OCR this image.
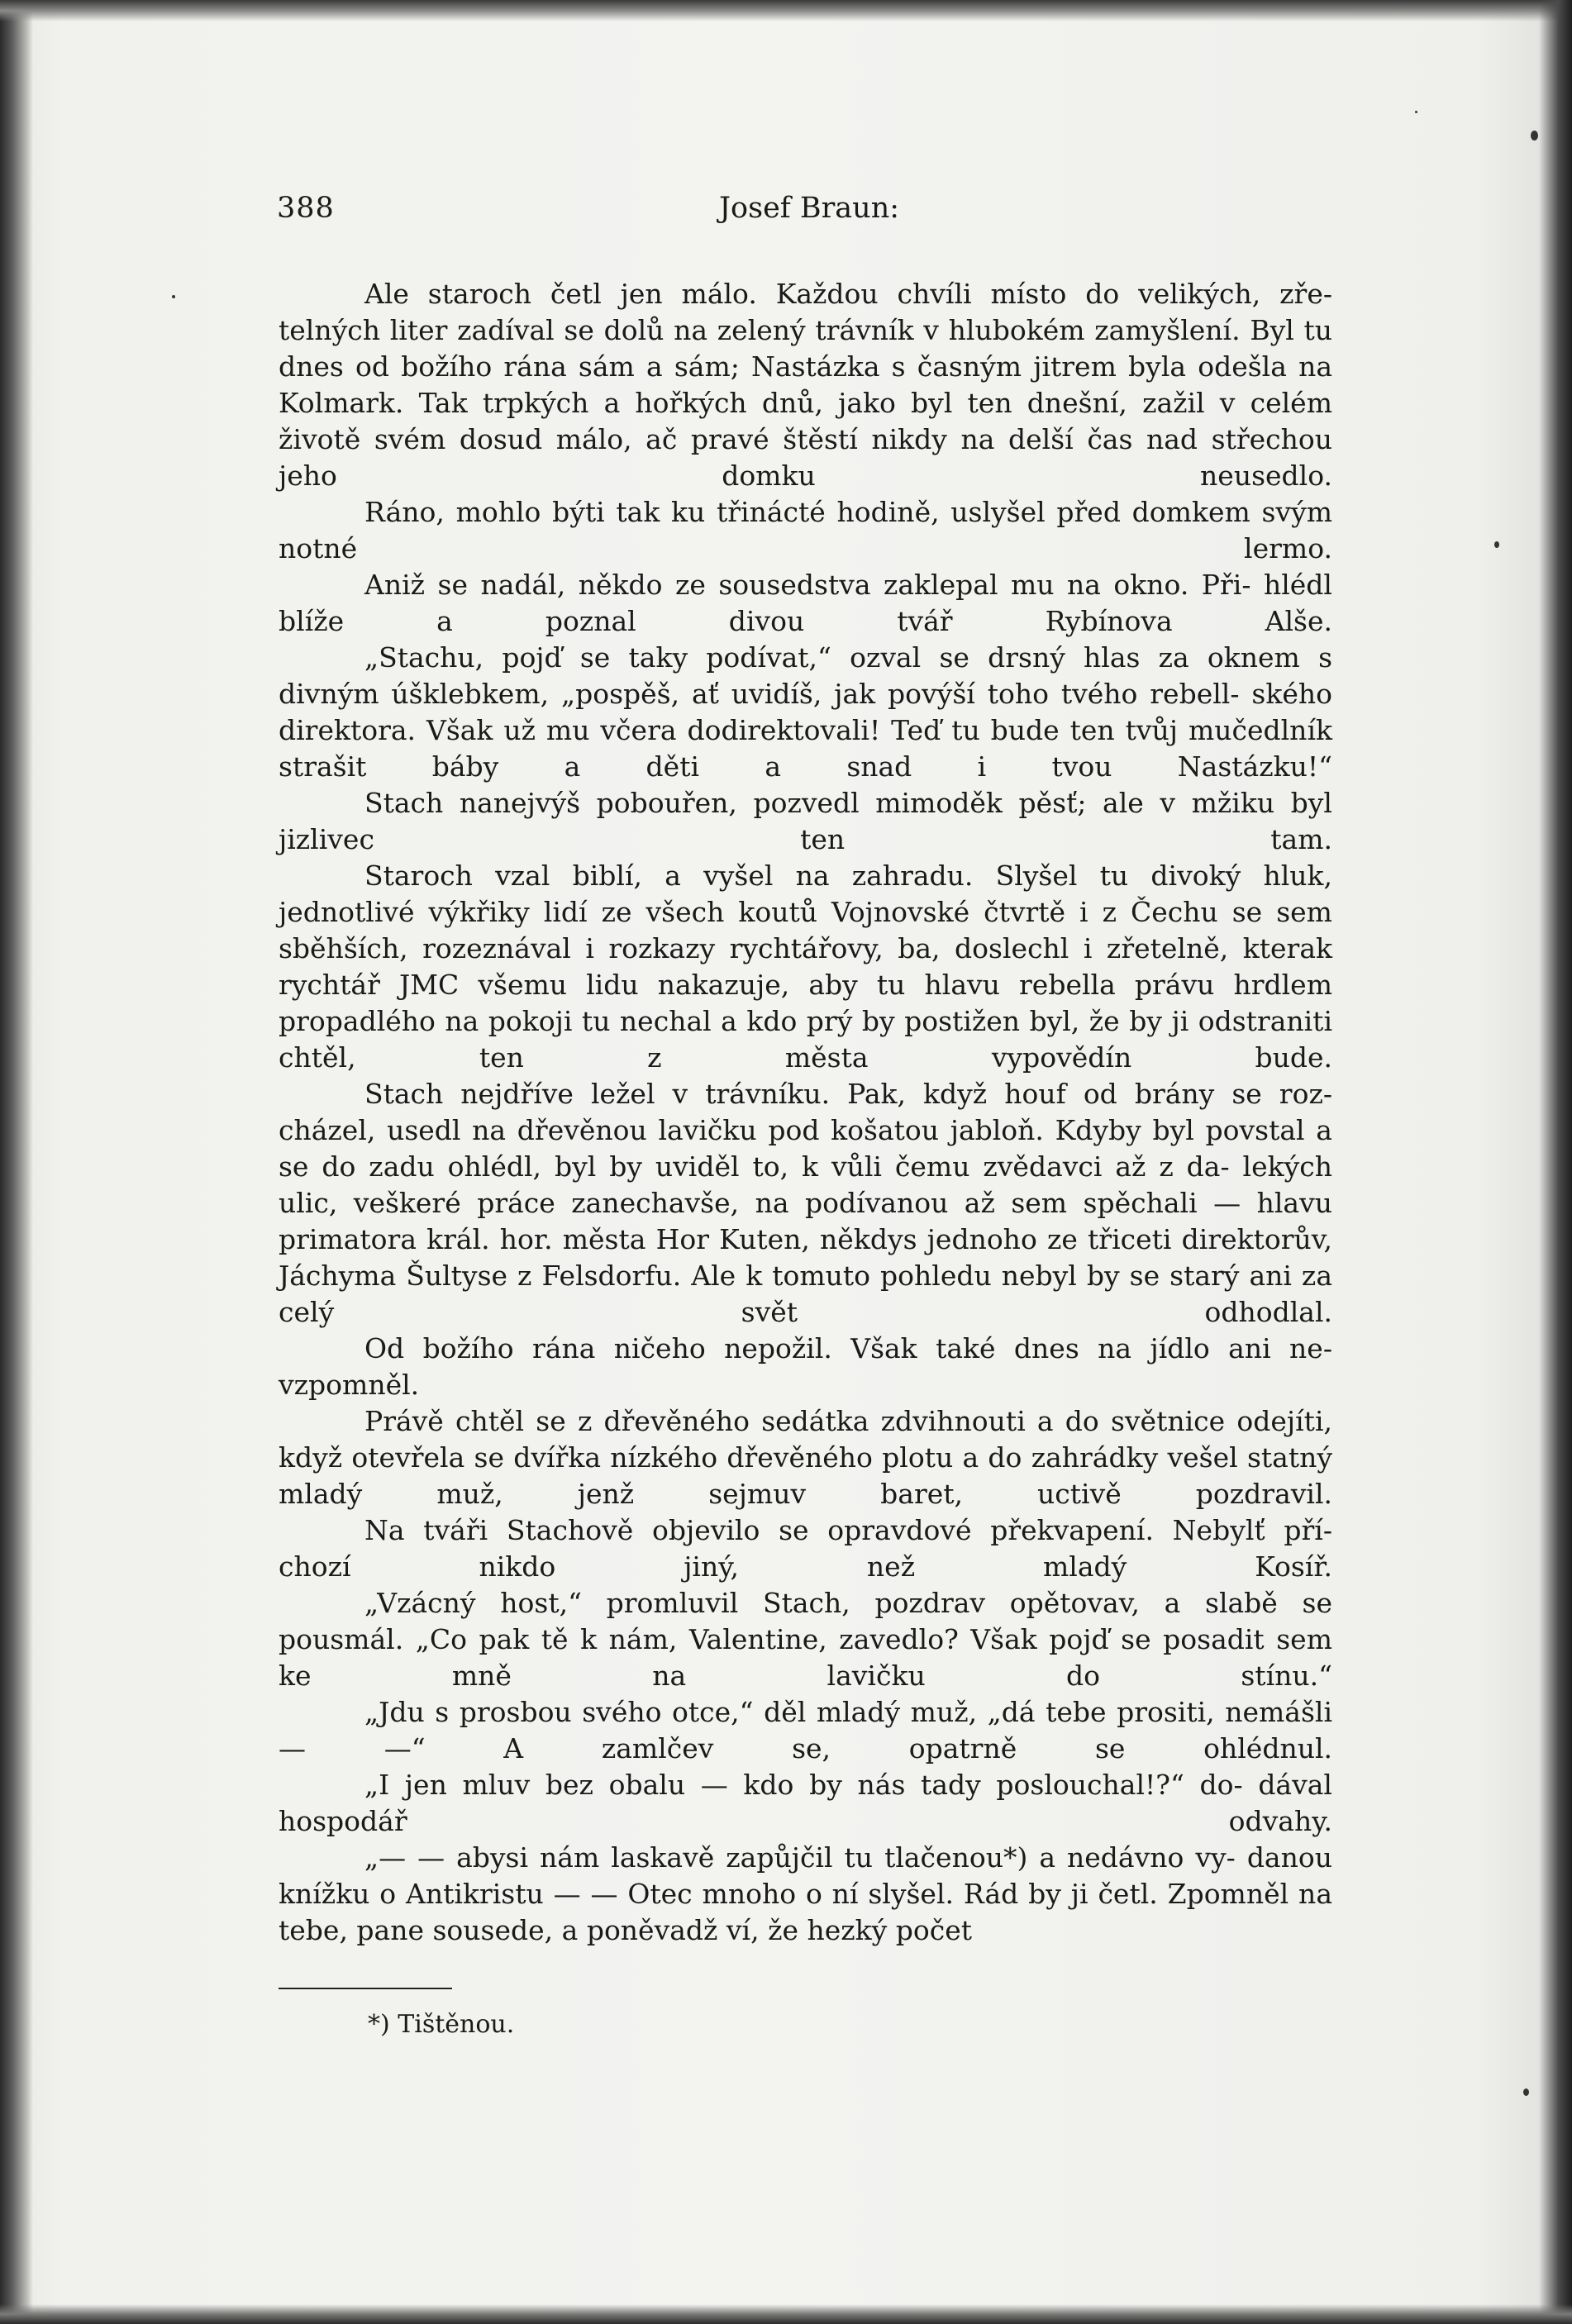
388	Josef Braun:

Ale staroch četl jen málo. Každou chvíli místo do velikých, zře- telných liter zadíval se dolů na zelený trávník v hlubokém zamyšlení. Byl tu dnes od božího rána sám a sám; Nastázka s časným jitrem byla odešla na Kolmark. Tak trpkých a hořkých dnů, jako byl ten dnešní, zažil v celém životě svém dosud málo, ač pravé štěstí nikdy na delší čas nad střechou jeho domku neusedlo.

Ráno, mohlo býti tak ku třinácté hodině, uslyšel před domkem svým notné lermo.

Aniž se nadál, někdo ze sousedstva zaklepal mu na okno. Při- hlédl blíže a poznal divou tvář Rybínova Alše.

„Stachu, pojď se taky podívat,“ ozval se drsný hlas za oknem s divným úšklebkem, „pospěš, ať uvidíš, jak povýší toho tvého rebell- ského direktora. Však už mu včera dodirektovali! Teď tu bude ten tvůj mučedlník strašit báby a děti a snad i tvou Nastázku!“

Stach nanejvýš pobouřen, pozvedl mimoděk pěsť; ale v mžiku byl jizlivec ten tam.

Staroch vzal biblí, a vyšel na zahradu. Slyšel tu divoký hluk, jednotlivé výkřiky lidí ze všech koutů Vojnovské čtvrtě i z Čechu se sem sběhších, rozeznával i rozkazy rychtářovy, ba, doslechl i zřetelně, kterak rychtář JMC všemu lidu nakazuje, aby tu hlavu rebella právu hrdlem propadlého na pokoji tu nechal a kdo prý by postižen byl, že by ji odstraniti chtěl, ten z města vypovědín bude.

Stach nejdříve ležel v trávníku. Pak, když houf od brány se roz- cházel, usedl na dřevěnou lavičku pod košatou jabloň. Kdyby byl povstal a se do zadu ohlédl, byl by uviděl to, k vůli čemu zvědavci až z da- lekých ulic, veškeré práce zanechavše, na podívanou až sem spěchali — hlavu primatora král. hor. města Hor Kuten, někdys jednoho ze třiceti direktorův, Jáchyma Šultyse z Felsdorfu. Ale k tomuto pohledu nebyl by se starý ani za celý svět odhodlal.

Od božího rána ničeho nepožil. Však také dnes na jídlo ani ne- vzpomněl.

Právě chtěl se z dřevěného sedátka zdvihnouti a do světnice odejíti, když otevřela se dvířka nízkého dřevěného plotu a do zahrádky vešel statný mladý muž, jenž sejmuv baret, uctivě pozdravil.

Na tváři Stachově objevilo se opravdové překvapení. Nebylť pří- chozí nikdo jiný, než mladý Kosíř.

„Vzácný host,“ promluvil Stach, pozdrav opětovav, a slabě se pousmál. „Co pak tě k nám, Valentine, zavedlo? Však pojď se posadit sem ke mně na lavičku do stínu.“

„Jdu s prosbou svého otce,“ děl mladý muž, „dá tebe prositi, nemášli — —“ A zamlčev se, opatrně se ohlédnul.

„I jen mluv bez obalu — kdo by nás tady poslouchal!?“ do- dával hospodář odvahy.

„— — abysi nám laskavě zapůjčil tu tlačenou*) a nedávno vy- danou knížku o Antikristu — — Otec mnoho o ní slyšel. Rád by ji četl. Zpomněl na tebe, pane sousede, a poněvadž ví, že hezký počet

*) Tištěnou.
